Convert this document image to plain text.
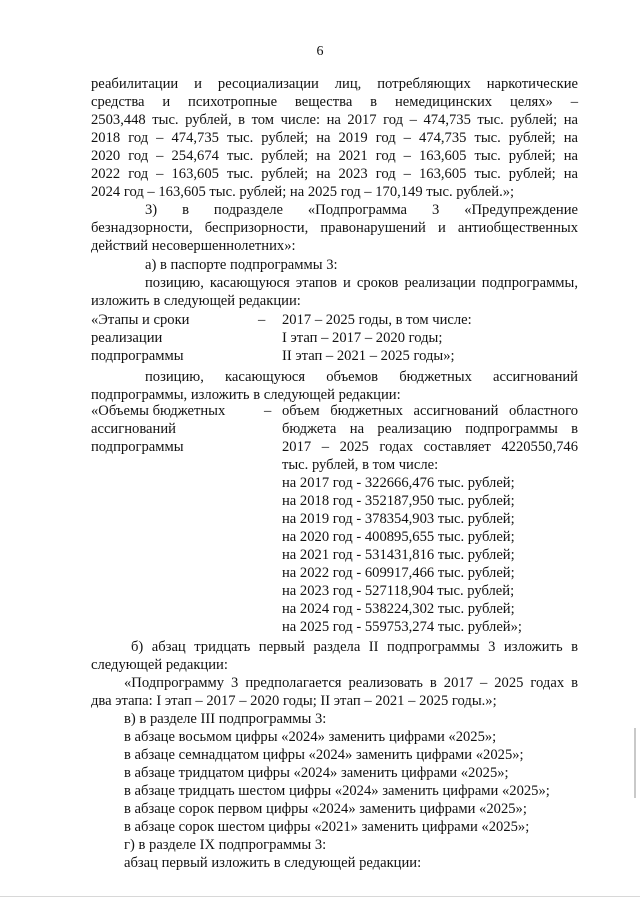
6
реабилитации и ресоциализации лиц, потребляющих наркотические
средства и психотропные вещества в немедицинских целях» –
2503,448 тыс. рублей, в том числе: на 2017 год – 474,735 тыс. рублей; на
2018 год – 474,735 тыс. рублей; на 2019 год – 474,735 тыс. рублей; на
2020 год – 254,674 тыс. рублей; на 2021 год – 163,605 тыс. рублей; на
2022 год – 163,605 тыс. рублей; на 2023 год – 163,605 тыс. рублей; на
2024 год – 163,605 тыс. рублей; на 2025 год – 170,149 тыс. рублей.»;
3) в подразделе «Подпрограмма 3 «Предупреждение
безнадзорности, беспризорности, правонарушений и антиобщественных
действий несовершеннолетних»:
а) в паспорте подпрограммы 3:
позицию, касающуюся этапов и сроков реализации подпрограммы,
изложить в следующей редакции:
«Этапы и сроки
реализации
подпрограммы
– 2017 – 2025 годы, в том числе:
I этап – 2017 – 2020 годы;
II этап – 2021 – 2025 годы»;
позицию, касающуюся объемов бюджетных ассигнований
подпрограммы, изложить в следующей редакции:
«Объемы бюджетных
ассигнований
подпрограммы
– объем бюджетных ассигнований областного
бюджета на реализацию подпрограммы в
2017 – 2025 годах составляет 4220550,746
тыс. рублей, в том числе:
на 2017 год - 322666,476 тыс. рублей;
на 2018 год - 352187,950 тыс. рублей;
на 2019 год - 378354,903 тыс. рублей;
на 2020 год - 400895,655 тыс. рублей;
на 2021 год - 531431,816 тыс. рублей;
на 2022 год - 609917,466 тыс. рублей;
на 2023 год - 527118,904 тыс. рублей;
на 2024 год - 538224,302 тыс. рублей;
на 2025 год - 559753,274 тыс. рублей»;
б) абзац тридцать первый раздела II подпрограммы 3 изложить в
следующей редакции:
«Подпрограмму 3 предполагается реализовать в 2017 – 2025 годах в
два этапа: I этап – 2017 – 2020 годы; II этап – 2021 – 2025 годы.»;
в) в разделе III подпрограммы 3:
в абзаце восьмом цифры «2024» заменить цифрами «2025»;
в абзаце семнадцатом цифры «2024» заменить цифрами «2025»;
в абзаце тридцатом цифры «2024» заменить цифрами «2025»;
в абзаце тридцать шестом цифры «2024» заменить цифрами «2025»;
в абзаце сорок первом цифры «2024» заменить цифрами «2025»;
в абзаце сорок шестом цифры «2021» заменить цифрами «2025»;
г) в разделе IX подпрограммы 3:
абзац первый изложить в следующей редакции:
